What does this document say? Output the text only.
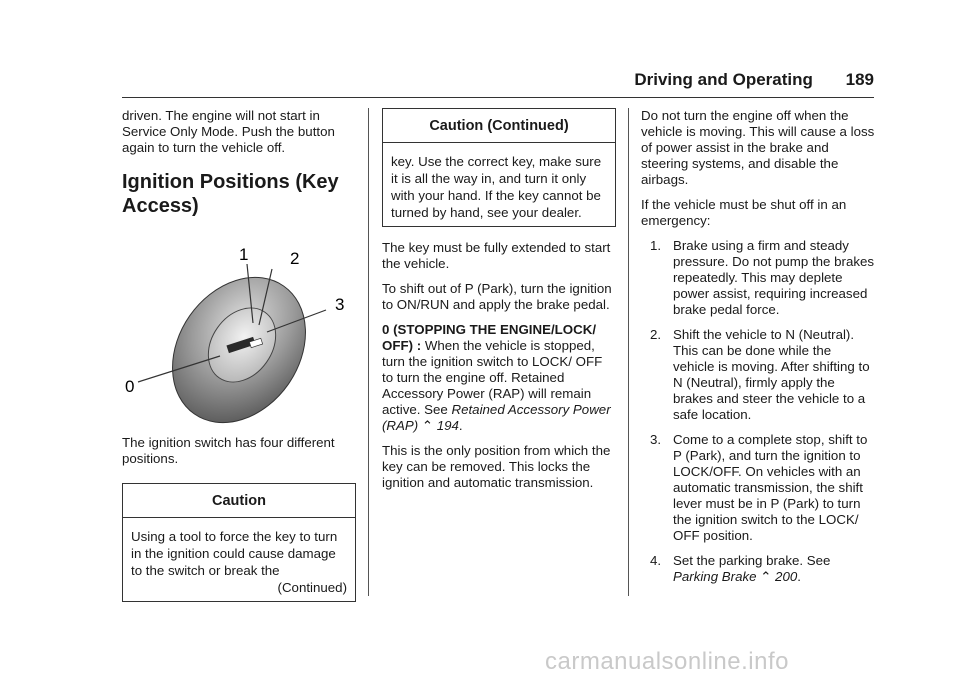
Driving and Operating 189

driven. The engine will not start in Service Only Mode. Push the button again to turn the vehicle off.

Ignition Positions (Key Access)
1 2
3
0

The ignition switch has four different positions.

Caution
Using a tool to force the key to turn in the ignition could cause damage to the switch or break the
(Continued)
Caution (Continued)
key. Use the correct key, make sure it is all the way in, and turn it only with your hand. If the key cannot be turned by hand, see your dealer.

The key must be fully extended to start the vehicle.

To shift out of P (Park), turn the ignition to ON/RUN and apply the brake pedal.

0 (STOPPING THE ENGINE/LOCK/ OFF) : When the vehicle is stopped, turn the ignition switch to LOCK/ OFF to turn the engine off. Retained Accessory Power (RAP) will remain active. See Retained Accessory Power (RAP) ⌃ 194.

This is the only position from which the key can be removed. This locks the ignition and automatic transmission.

Do not turn the engine off when the vehicle is moving. This will cause a loss of power assist in the brake and steering systems, and disable the airbags.

If the vehicle must be shut off in an emergency:

1. Brake using a firm and steady pressure. Do not pump the brakes repeatedly. This may deplete power assist, requiring increased brake pedal force.
2. Shift the vehicle to N (Neutral). This can be done while the vehicle is moving. After shifting to N (Neutral), firmly apply the brakes and steer the vehicle to a safe location.
3. Come to a complete stop, shift to P (Park), and turn the ignition to LOCK/OFF. On vehicles with an automatic transmission, the shift lever must be in P (Park) to turn the ignition switch to the LOCK/ OFF position.
4. Set the parking brake. See Parking Brake ⌃ 200.
carmanualsonline.info
